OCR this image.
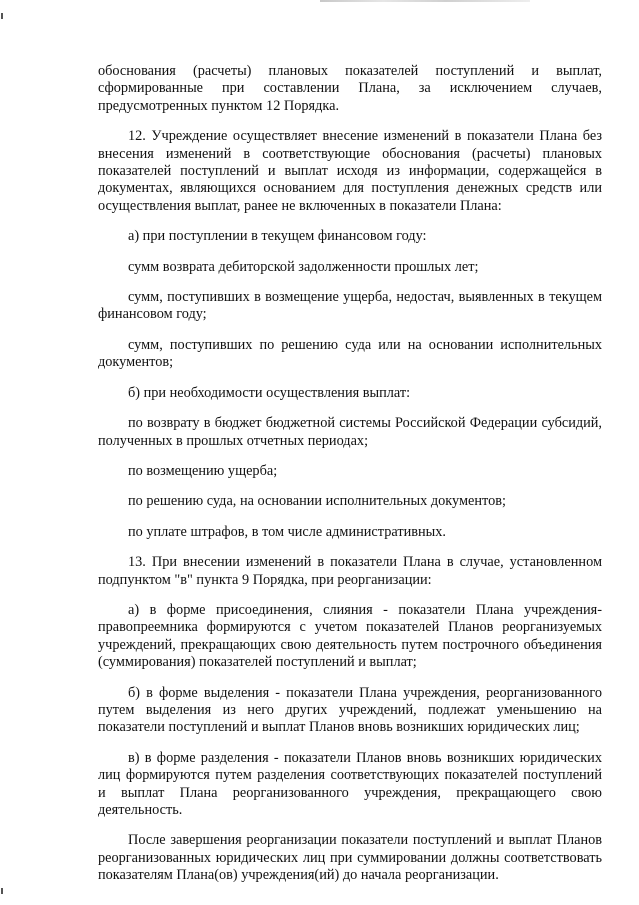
обоснования (расчеты) плановых показателей поступлений и выплат, сформированные при составлении Плана, за исключением случаев, предусмотренных пунктом 12 Порядка.

12. Учреждение осуществляет внесение изменений в показатели Плана без внесения изменений в соответствующие обоснования (расчеты) плановых показателей поступлений и выплат исходя из информации, содержащейся в документах, являющихся основанием для поступления денежных средств или осуществления выплат, ранее не включенных в показатели Плана:

а) при поступлении в текущем финансовом году:

сумм возврата дебиторской задолженности прошлых лет;

сумм, поступивших в возмещение ущерба, недостач, выявленных в текущем финансовом году;

сумм, поступивших по решению суда или на основании исполнительных документов;

б) при необходимости осуществления выплат:

по возврату в бюджет бюджетной системы Российской Федерации субсидий, полученных в прошлых отчетных периодах;

по возмещению ущерба;

по решению суда, на основании исполнительных документов;

по уплате штрафов, в том числе административных.

13. При внесении изменений в показатели Плана в случае, установленном подпунктом "в" пункта 9 Порядка, при реорганизации:

а) в форме присоединения, слияния - показатели Плана учреждения-правопреемника формируются с учетом показателей Планов реорганизуемых учреждений, прекращающих свою деятельность путем построчного объединения (суммирования) показателей поступлений и выплат;

б) в форме выделения - показатели Плана учреждения, реорганизованного путем выделения из него других учреждений, подлежат уменьшению на показатели поступлений и выплат Планов вновь возникших юридических лиц;

в) в форме разделения - показатели Планов вновь возникших юридических лиц формируются путем разделения соответствующих показателей поступлений и выплат Плана реорганизованного учреждения, прекращающего свою деятельность.

После завершения реорганизации показатели поступлений и выплат Планов реорганизованных юридических лиц при суммировании должны соответствовать показателям Плана(ов) учреждения(ий) до начала реорганизации.
